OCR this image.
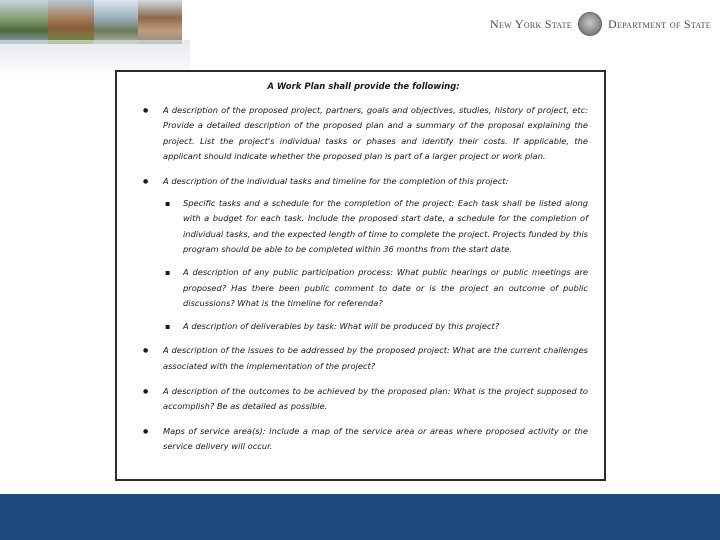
New York State	Department of State
A Work Plan shall provide the following:
● A description of the proposed project, partners, goals and objectives, studies, history of project, etc: Provide a detailed description of the proposed plan and a summary of the proposal explaining the project. List the project's individual tasks or phases and identify their costs. If applicable, the applicant should indicate whether the proposed plan is part of a larger project or work plan.
● A description of the individual tasks and timeline for the completion of this project:
▪ Specific tasks and a schedule for the completion of the project: Each task shall be listed along with a budget for each task. Include the proposed start date, a schedule for the completion of individual tasks, and the expected length of time to complete the project. Projects funded by this program should be able to be completed within 36 months from the start date.
▪ A description of any public participation process: What public hearings or public meetings are proposed? Has there been public comment to date or is the project an outcome of public discussions? What is the timeline for referenda?
▪ A description of deliverables by task: What will be produced by this project?
● A description of the issues to be addressed by the proposed project: What are the current challenges associated with the implementation of the project?
● A description of the outcomes to be achieved by the proposed plan: What is the project supposed to accomplish? Be as detailed as possible.
● Maps of service area(s): Include a map of the service area or areas where proposed activity or the service delivery will occur.
